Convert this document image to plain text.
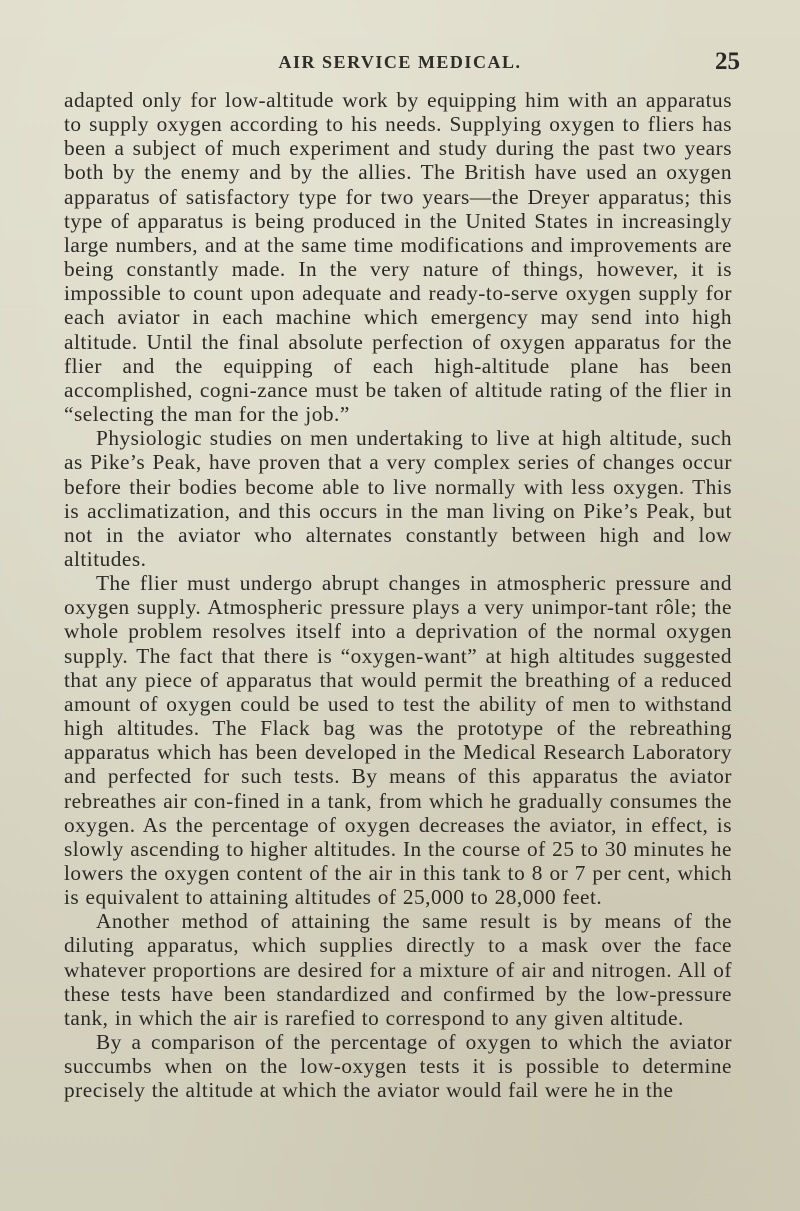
AIR SERVICE MEDICAL.	25

adapted only for low-altitude work by equipping him with an apparatus to supply oxygen according to his needs. Supplying oxygen to fliers has been a subject of much experiment and study during the past two years both by the enemy and by the allies. The British have used an oxygen apparatus of satisfactory type for two years—the Dreyer apparatus; this type of apparatus is being produced in the United States in increasingly large numbers, and at the same time modifications and improvements are being constantly made. In the very nature of things, however, it is impossible to count upon adequate and ready-to-serve oxygen supply for each aviator in each machine which emergency may send into high altitude. Until the final absolute perfection of oxygen apparatus for the flier and the equipping of each high-altitude plane has been accomplished, cogni-zance must be taken of altitude rating of the flier in “selecting the man for the job.”

Physiologic studies on men undertaking to live at high altitude, such as Pike’s Peak, have proven that a very complex series of changes occur before their bodies become able to live normally with less oxygen. This is acclimatization, and this occurs in the man living on Pike’s Peak, but not in the aviator who alternates constantly between high and low altitudes.

The flier must undergo abrupt changes in atmospheric pressure and oxygen supply. Atmospheric pressure plays a very unimpor-tant rôle; the whole problem resolves itself into a deprivation of the normal oxygen supply. The fact that there is “oxygen-want” at high altitudes suggested that any piece of apparatus that would permit the breathing of a reduced amount of oxygen could be used to test the ability of men to withstand high altitudes. The Flack bag was the prototype of the rebreathing apparatus which has been developed in the Medical Research Laboratory and perfected for such tests. By means of this apparatus the aviator rebreathes air con-fined in a tank, from which he gradually consumes the oxygen. As the percentage of oxygen decreases the aviator, in effect, is slowly ascending to higher altitudes. In the course of 25 to 30 minutes he lowers the oxygen content of the air in this tank to 8 or 7 per cent, which is equivalent to attaining altitudes of 25,000 to 28,000 feet.

Another method of attaining the same result is by means of the diluting apparatus, which supplies directly to a mask over the face whatever proportions are desired for a mixture of air and nitrogen. All of these tests have been standardized and confirmed by the low-pressure tank, in which the air is rarefied to correspond to any given altitude.

By a comparison of the percentage of oxygen to which the aviator succumbs when on the low-oxygen tests it is possible to determine precisely the altitude at which the aviator would fail were he in the
